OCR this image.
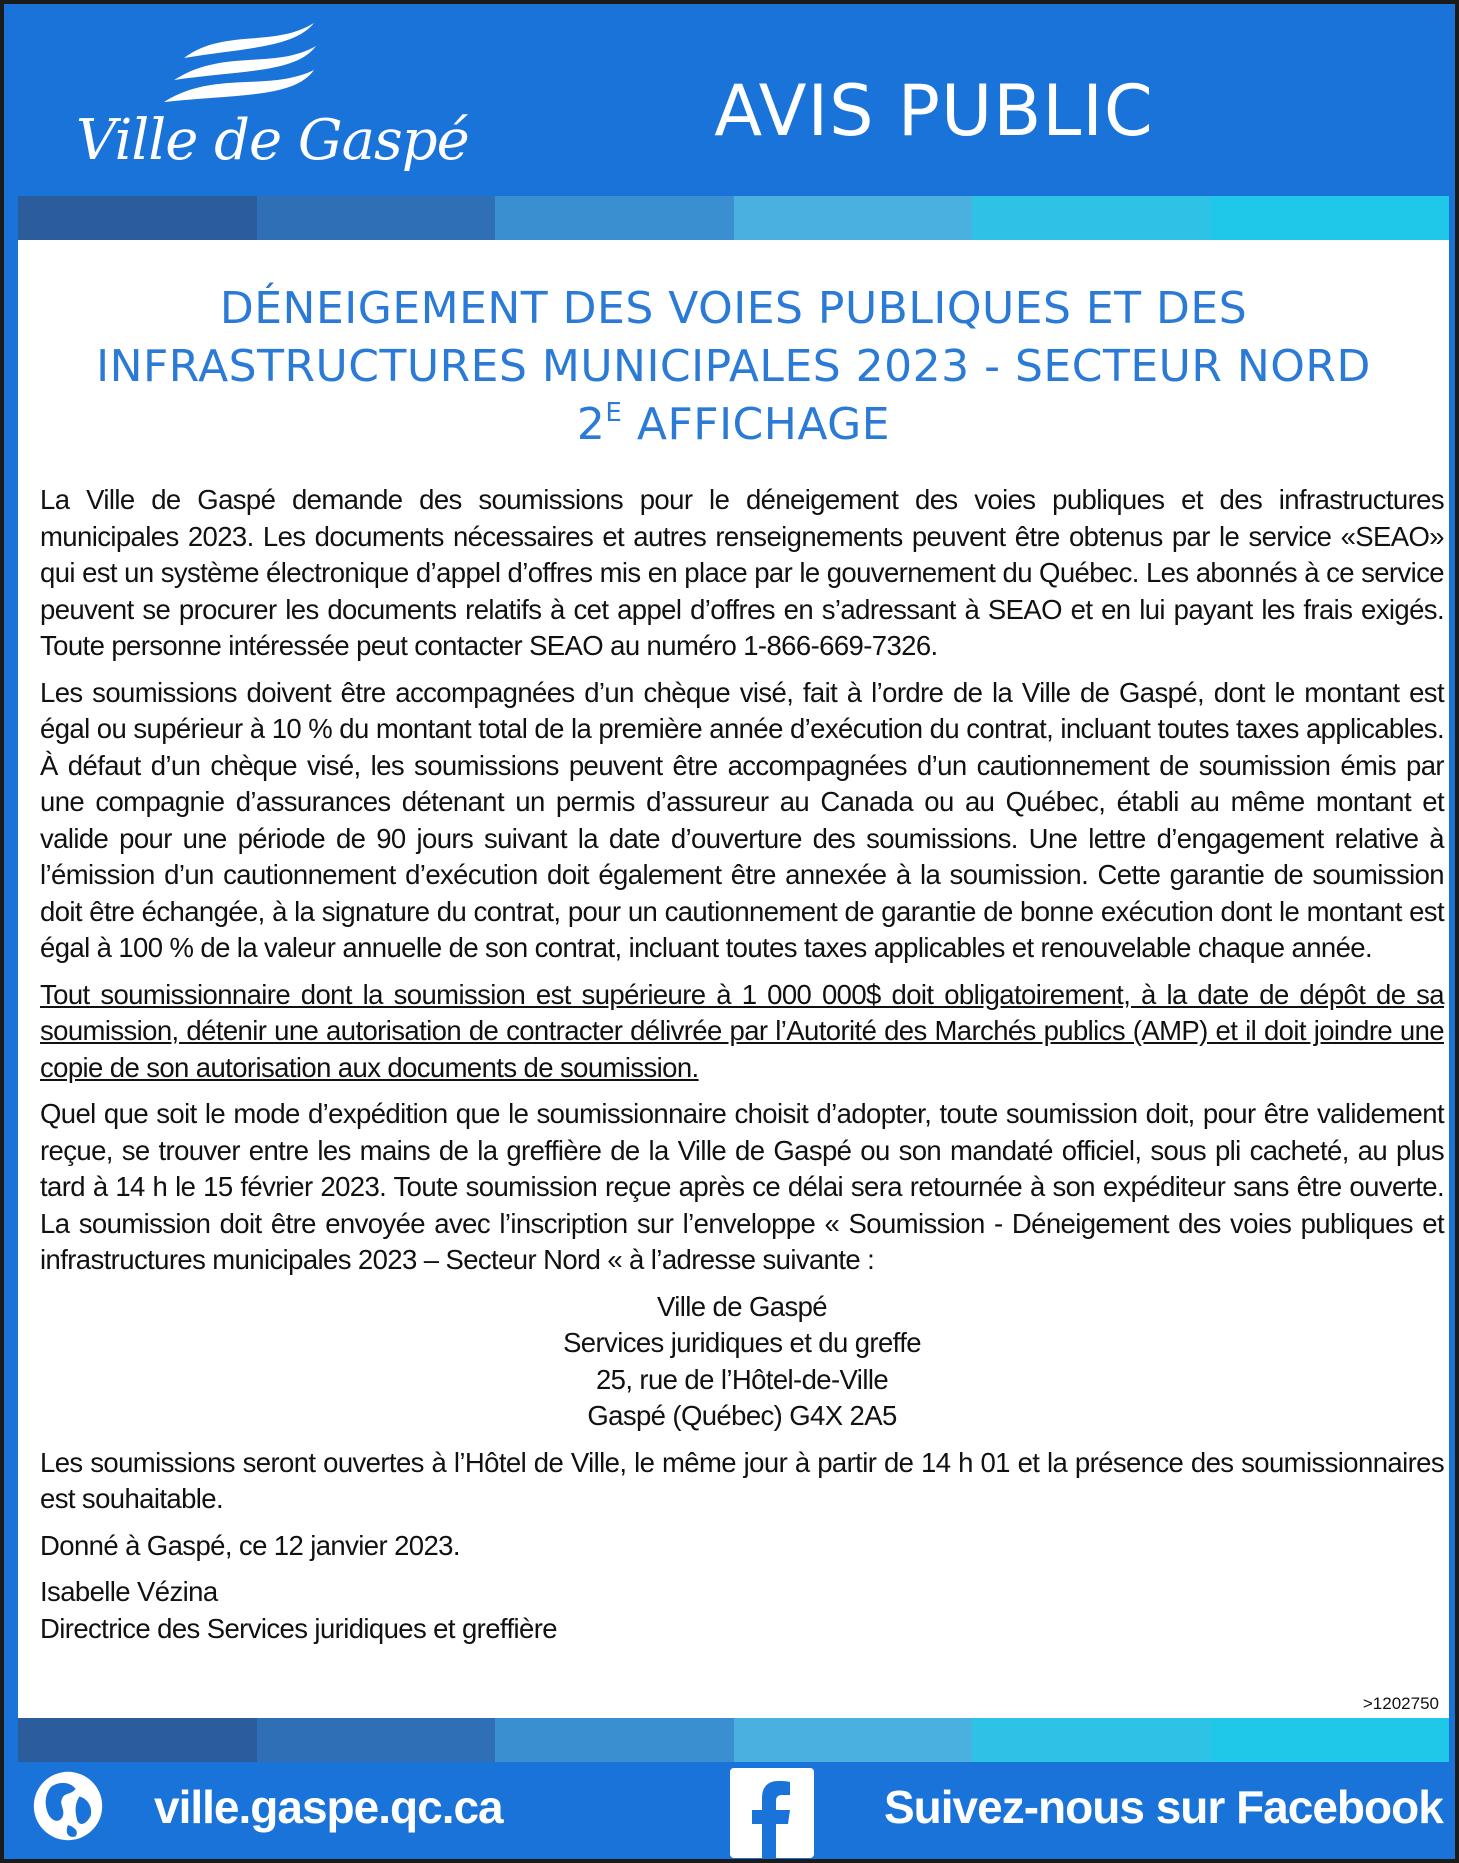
Ville de Gaspé	AVIS PUBLIC
DÉNEIGEMENT DES VOIES PUBLIQUES ET DES
INFRASTRUCTURES MUNICIPALES 2023 - SECTEUR NORD
$2^E$ AFFICHAGE

La Ville de Gaspé demande des soumissions pour le déneigement des voies publiques et des infrastructures municipales 2023. Les documents nécessaires et autres renseignements peuvent être obtenus par le service «SEAO» qui est un système électronique d’appel d’offres mis en place par le gouvernement du Québec. Les abonnés à ce service peuvent se procurer les documents relatifs à cet appel d’offres en s’adressant à SEAO et en lui payant les frais exigés. Toute personne intéressée peut contacter SEAO au numéro 1-866-669-7326.

Les soumissions doivent être accompagnées d’un chèque visé, fait à l’ordre de la Ville de Gaspé, dont le montant est égal ou supérieur à 10 % du montant total de la première année d’exécution du contrat, incluant toutes taxes applicables. À défaut d’un chèque visé, les soumissions peuvent être accompagnées d’un cautionnement de soumission émis par une compagnie d’assurances détenant un permis d’assureur au Canada ou au Québec, établi au même montant et valide pour une période de 90 jours suivant la date d’ouverture des soumissions. Une lettre d’engagement relative à l’émission d’un cautionnement d’exécution doit également être annexée à la soumission. Cette garantie de soumission doit être échangée, à la signature du contrat, pour un cautionnement de garantie de bonne exécution dont le montant est égal à 100 % de la valeur annuelle de son contrat, incluant toutes taxes applicables et renouvelable chaque année.

Tout soumissionnaire dont la soumission est supérieure à 1 000 000$ doit obligatoirement, à la date de dépôt de sa soumission, détenir une autorisation de contracter délivrée par l’Autorité des Marchés publics (AMP) et il doit joindre une copie de son autorisation aux documents de soumission.

Quel que soit le mode d’expédition que le soumissionnaire choisit d’adopter, toute soumission doit, pour être validement reçue, se trouver entre les mains de la greffière de la Ville de Gaspé ou son mandaté officiel, sous pli cacheté, au plus tard à 14 h le 15 février 2023. Toute soumission reçue après ce délai sera retournée à son expéditeur sans être ouverte. La soumission doit être envoyée avec l’inscription sur l’enveloppe « Soumission - Déneigement des voies publiques et infrastructures municipales 2023 – Secteur Nord « à l’adresse suivante :

Ville de Gaspé
Services juridiques et du greffe
25, rue de l’Hôtel-de-Ville
Gaspé (Québec) G4X 2A5

Les soumissions seront ouvertes à l’Hôtel de Ville, le même jour à partir de 14 h 01 et la présence des soumissionnaires est souhaitable.

Donné à Gaspé, ce 12 janvier 2023.

Isabelle Vézina
Directrice des Services juridiques et greffière
>1202750
ville.gaspe.qc.ca	Suivez-nous sur Facebook
